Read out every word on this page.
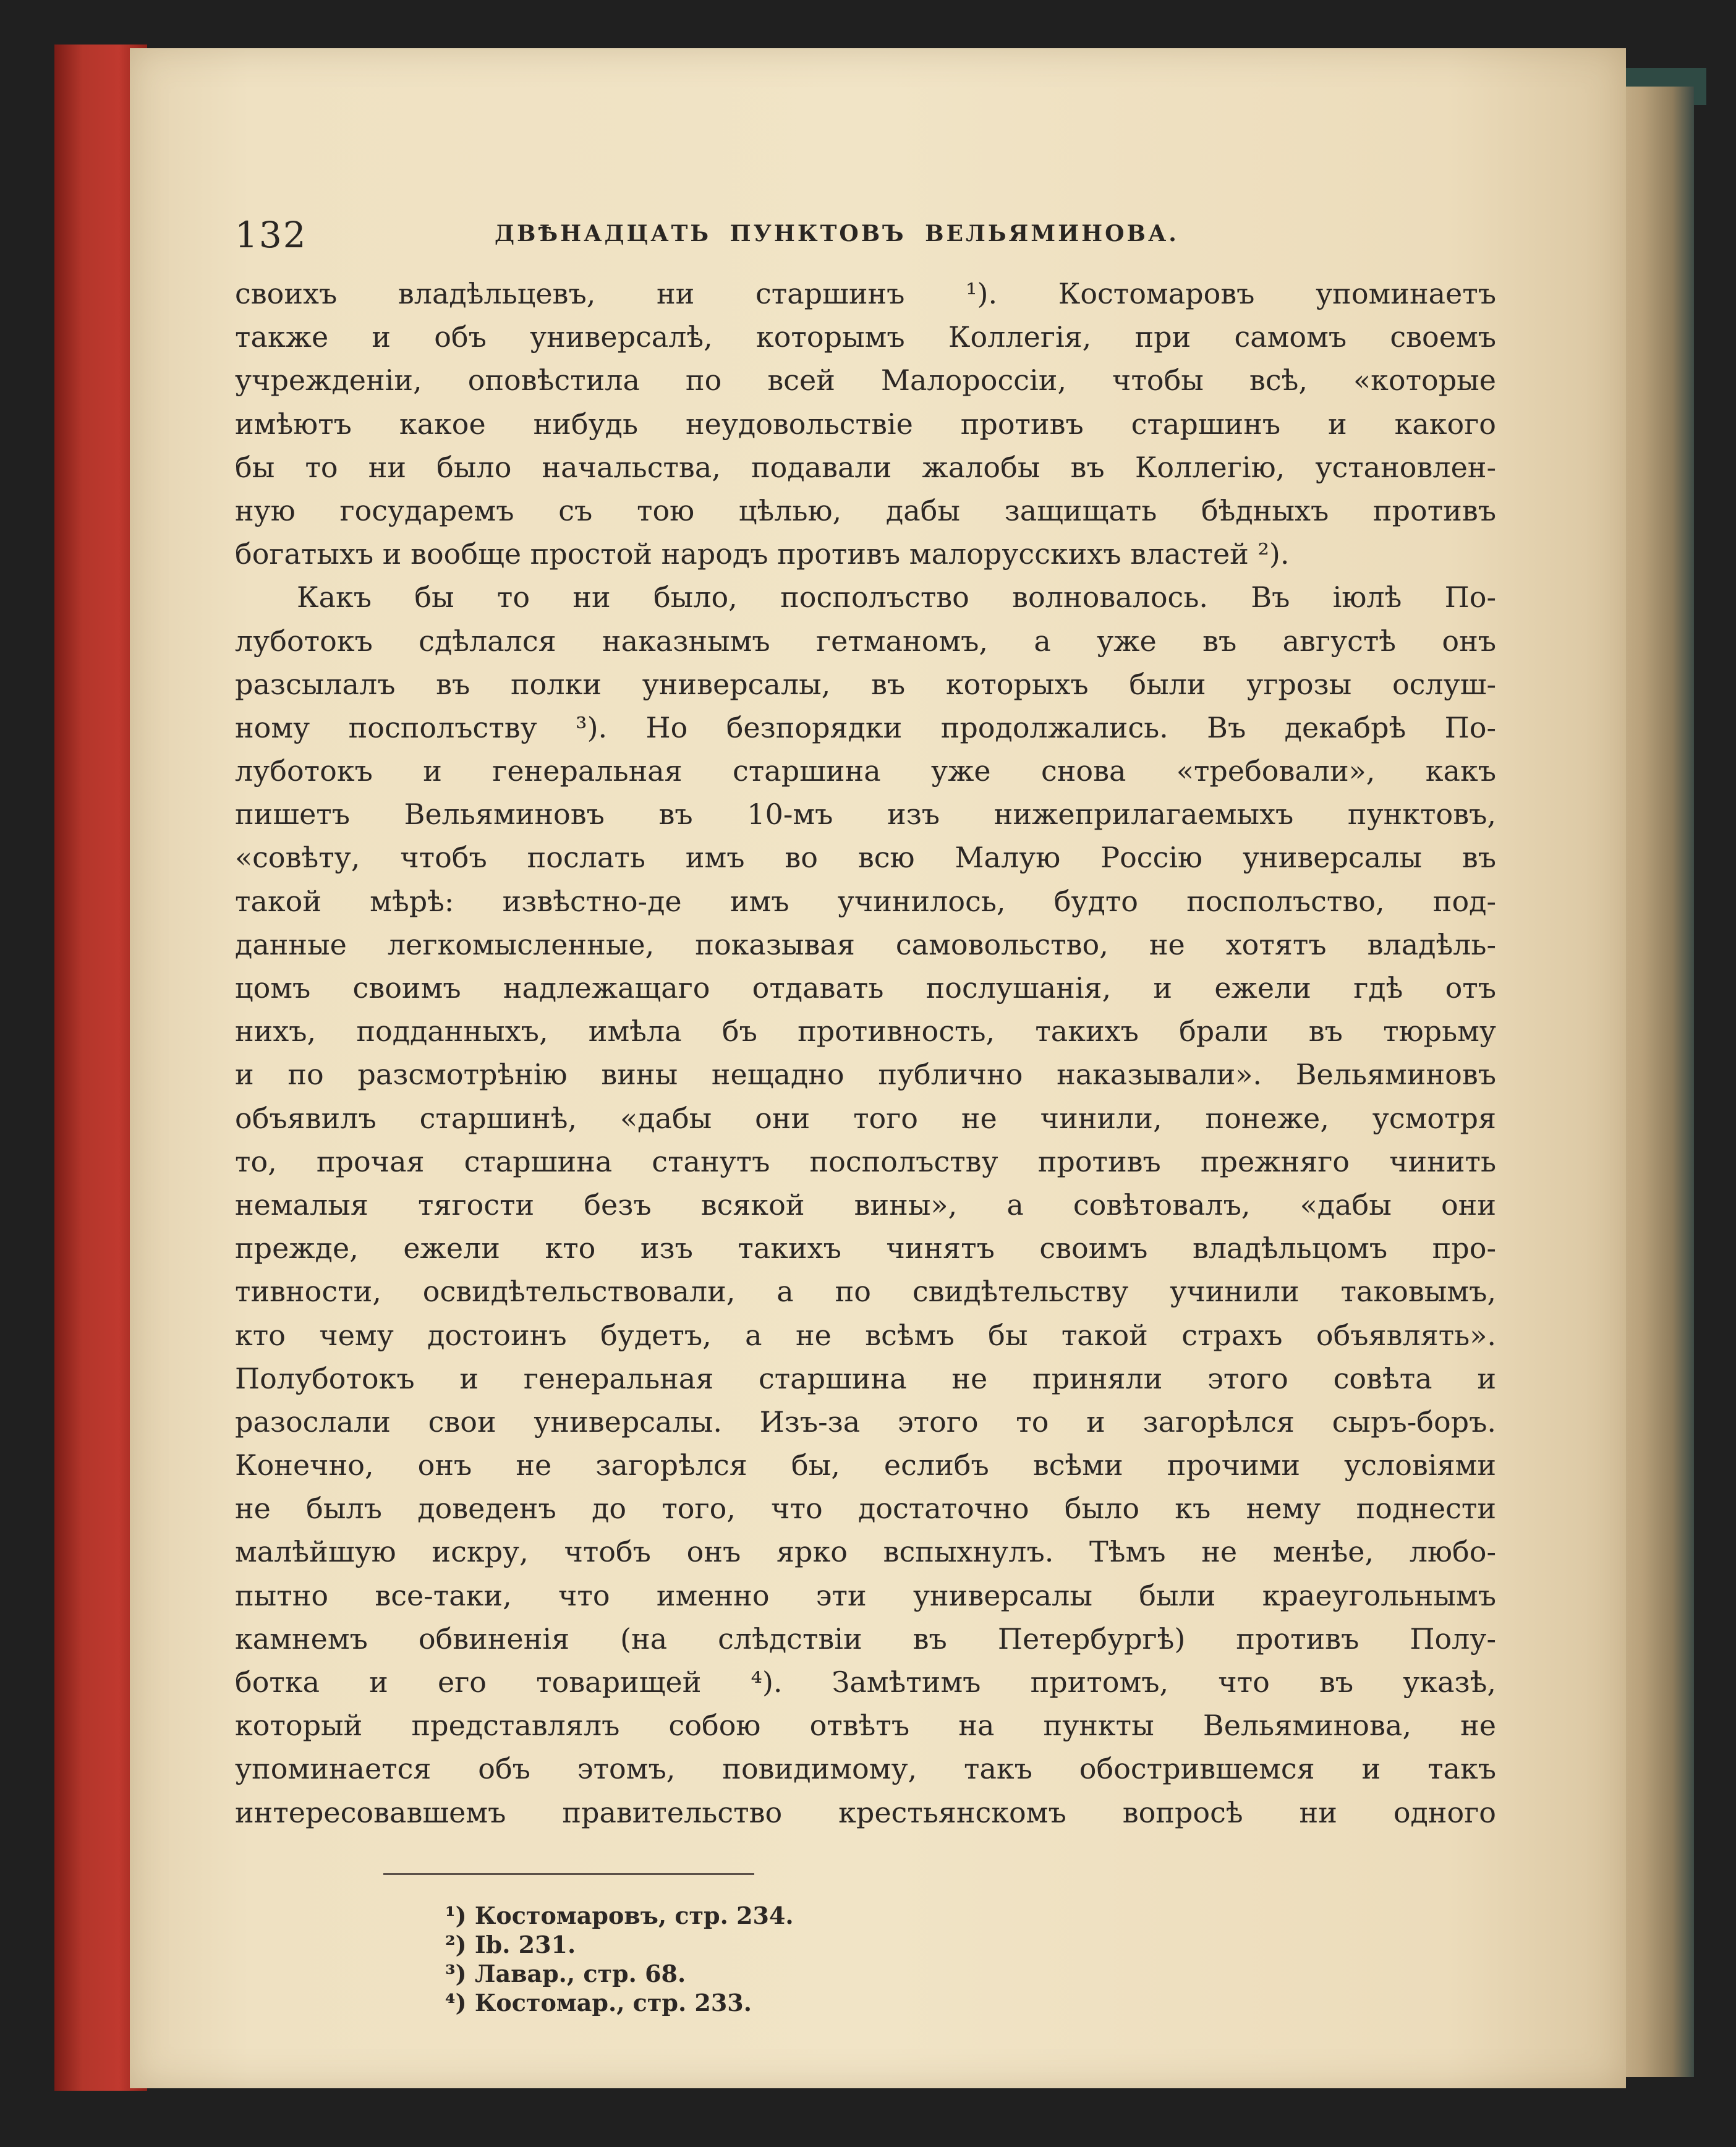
132	ДВѢНАДЦАТЬ ПУНКТОВЪ ВЕЛЬЯМИНОВА.
своихъ владѣльцевъ, ни старшинъ ¹). Костомаровъ упоминаетъ
также и объ универсалѣ, которымъ Коллегія, при самомъ своемъ
учрежденіи, оповѣстила по всей Малороссіи, чтобы всѣ, «которые
имѣютъ какое нибудь неудовольствіе противъ старшинъ и какого
бы то ни было начальства, подавали жалобы въ Коллегію, установлен-
ную государемъ съ тою цѣлью, дабы защищать бѣдныхъ противъ
богатыхъ и вообще простой народъ противъ малорусскихъ властей ²).
Какъ бы то ни было, посполъство волновалось. Въ іюлѣ По-
луботокъ сдѣлался наказнымъ гетманомъ, а уже въ августѣ онъ
разсылалъ въ полки универсалы, въ которыхъ были угрозы ослуш-
ному посполъству ³). Но безпорядки продолжались. Въ декабрѣ По-
луботокъ и генеральная старшина уже снова «требовали», какъ
пишетъ Вельяминовъ въ 10-мъ изъ нижеприлагаемыхъ пунктовъ,
«совѣту, чтобъ послать имъ во всю Малую Россію универсалы въ
такой мѣрѣ: извѣстно-де имъ учинилось, будто посполъство, под-
данные легкомысленные, показывая самовольство, не хотятъ владѣль-
цомъ своимъ надлежащаго отдавать послушанія, и ежели гдѣ отъ
нихъ, подданныхъ, имѣла бъ противность, такихъ брали въ тюрьму
и по разсмотрѣнію вины нещадно публично наказывали». Вельяминовъ
объявилъ старшинѣ, «дабы они того не чинили, понеже, усмотря
то, прочая старшина станутъ посполъству противъ прежняго чинить
немалыя тягости безъ всякой вины», а совѣтовалъ, «дабы они
прежде, ежели кто изъ такихъ чинятъ своимъ владѣльцомъ про-
тивности, освидѣтельствовали, а по свидѣтельству учинили таковымъ,
кто чему достоинъ будетъ, а не всѣмъ бы такой страхъ объявлять».
Полуботокъ и генеральная старшина не приняли этого совѣта и
разослали свои универсалы. Изъ-за этого то и загорѣлся сыръ-боръ.
Конечно, онъ не загорѣлся бы, еслибъ всѣми прочими условіями
не былъ доведенъ до того, что достаточно было къ нему поднести
малѣйшую искру, чтобъ онъ ярко вспыхнулъ. Тѣмъ не менѣе, любо-
пытно все-таки, что именно эти универсалы были краеугольнымъ
камнемъ обвиненія (на слѣдствіи въ Петербургѣ) противъ Полу-
ботка и его товарищей ⁴). Замѣтимъ притомъ, что въ указѣ,
который представлялъ собою отвѣтъ на пункты Вельяминова, не
упоминается объ этомъ, повидимому, такъ обострившемся и такъ
интересовавшемъ правительство крестьянскомъ вопросѣ ни одного
¹) Костомаровъ, стр. 234.
²) Ib. 231.
³) Лавар., стр. 68.
⁴) Костомар., стр. 233.
